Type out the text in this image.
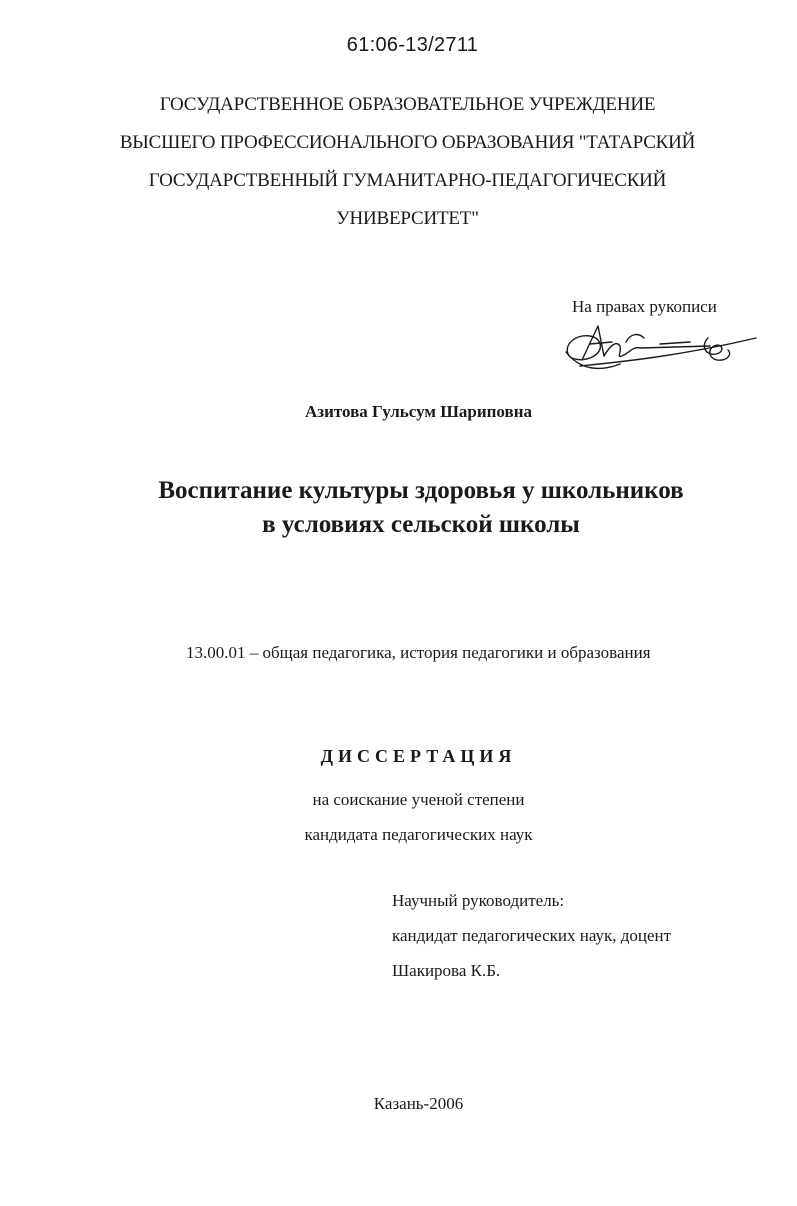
61:06-13/2711
ГОСУДАРСТВЕННОЕ ОБРАЗОВАТЕЛЬНОЕ УЧРЕЖДЕНИЕ
ВЫСШЕГО ПРОФЕССИОНАЛЬНОГО ОБРАЗОВАНИЯ "ТАТАРСКИЙ
ГОСУДАРСТВЕННЫЙ ГУМАНИТАРНО-ПЕДАГОГИЧЕСКИЙ
УНИВЕРСИТЕТ"
На правах рукописи
Азитова Гульсум Шариповна
Воспитание культуры здоровья у школьников
в условиях сельской школы
13.00.01 – общая педагогика, история педагогики и образования
ДИССЕРТАЦИЯ
на соискание ученой степени
кандидата педагогических наук
Научный руководитель:
кандидат педагогических наук, доцент
Шакирова К.Б.
Казань-2006
